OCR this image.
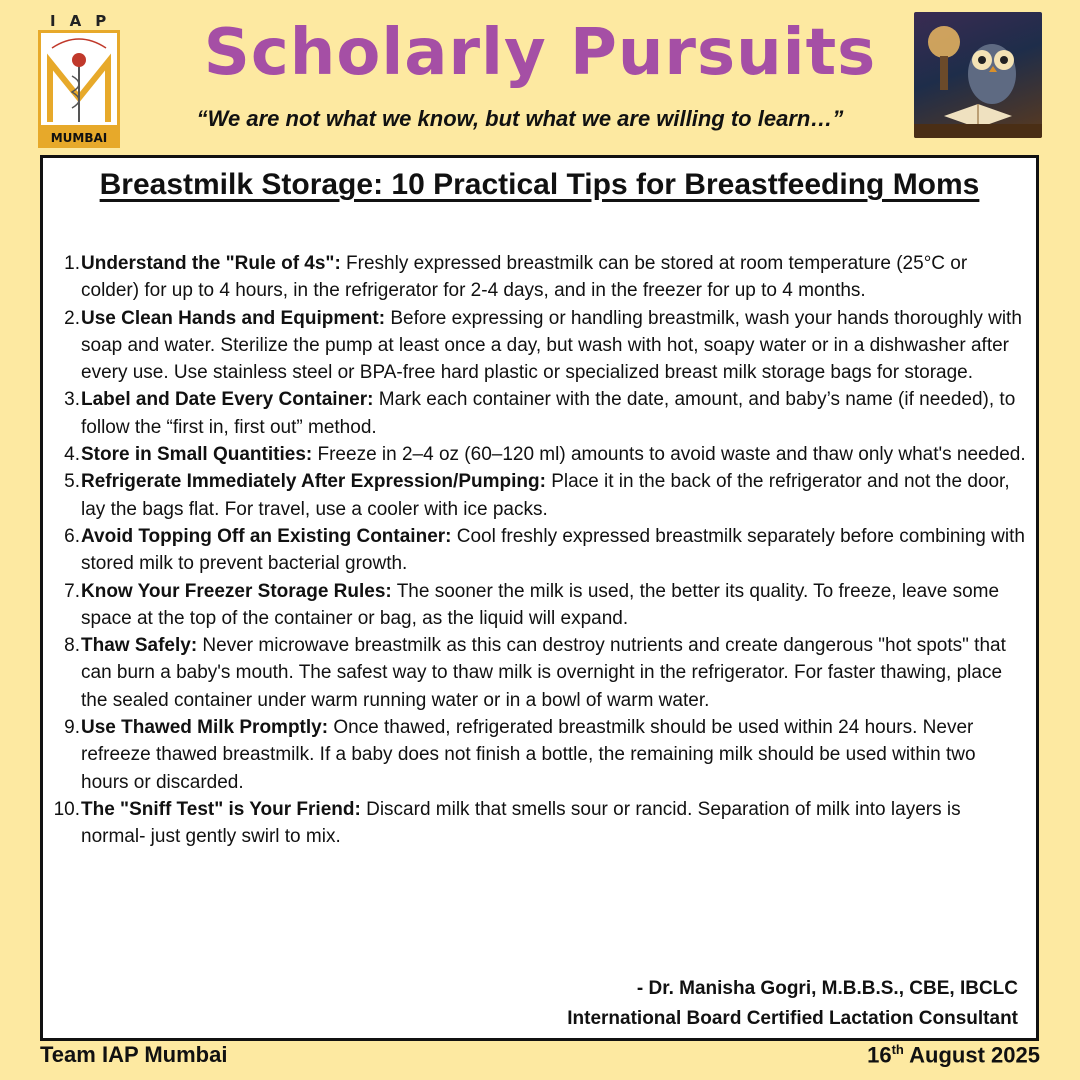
IAP
MUMBAI
Scholarly Pursuits
“We are not what we know, but what we are willing to learn…”
Breastmilk Storage: 10 Practical Tips for Breastfeeding Moms
1. Understand the "Rule of 4s": Freshly expressed breastmilk can be stored at room temperature (25°C or colder) for up to 4 hours, in the refrigerator for 2-4 days, and in the freezer for up to 4 months.
2. Use Clean Hands and Equipment: Before expressing or handling breastmilk, wash your hands thoroughly with soap and water. Sterilize the pump at least once a day, but wash with hot, soapy water or in a dishwasher after every use. Use stainless steel or BPA-free hard plastic or specialized breast milk storage bags for storage.
3. Label and Date Every Container: Mark each container with the date, amount, and baby’s name (if needed), to follow the “first in, first out” method.
4. Store in Small Quantities: Freeze in 2–4 oz (60–120 ml) amounts to avoid waste and thaw only what's needed.
5. Refrigerate Immediately After Expression/Pumping: Place it in the back of the refrigerator and not the door, lay the bags flat. For travel, use a cooler with ice packs.
6. Avoid Topping Off an Existing Container: Cool freshly expressed breastmilk separately before combining with stored milk to prevent bacterial growth.
7. Know Your Freezer Storage Rules: The sooner the milk is used, the better its quality. To freeze, leave some space at the top of the container or bag, as the liquid will expand.
8. Thaw Safely: Never microwave breastmilk as this can destroy nutrients and create dangerous "hot spots" that can burn a baby's mouth. The safest way to thaw milk is overnight in the refrigerator. For faster thawing, place the sealed container under warm running water or in a bowl of warm water.
9. Use Thawed Milk Promptly: Once thawed, refrigerated breastmilk should be used within 24 hours. Never refreeze thawed breastmilk. If a baby does not finish a bottle, the remaining milk should be used within two hours or discarded.
10. The "Sniff Test" is Your Friend: Discard milk that smells sour or rancid. Separation of milk into layers is normal- just gently swirl to mix.
- Dr. Manisha Gogri, M.B.B.S., CBE, IBCLC
International Board Certified Lactation Consultant
Team IAP Mumbai	16th August 2025
